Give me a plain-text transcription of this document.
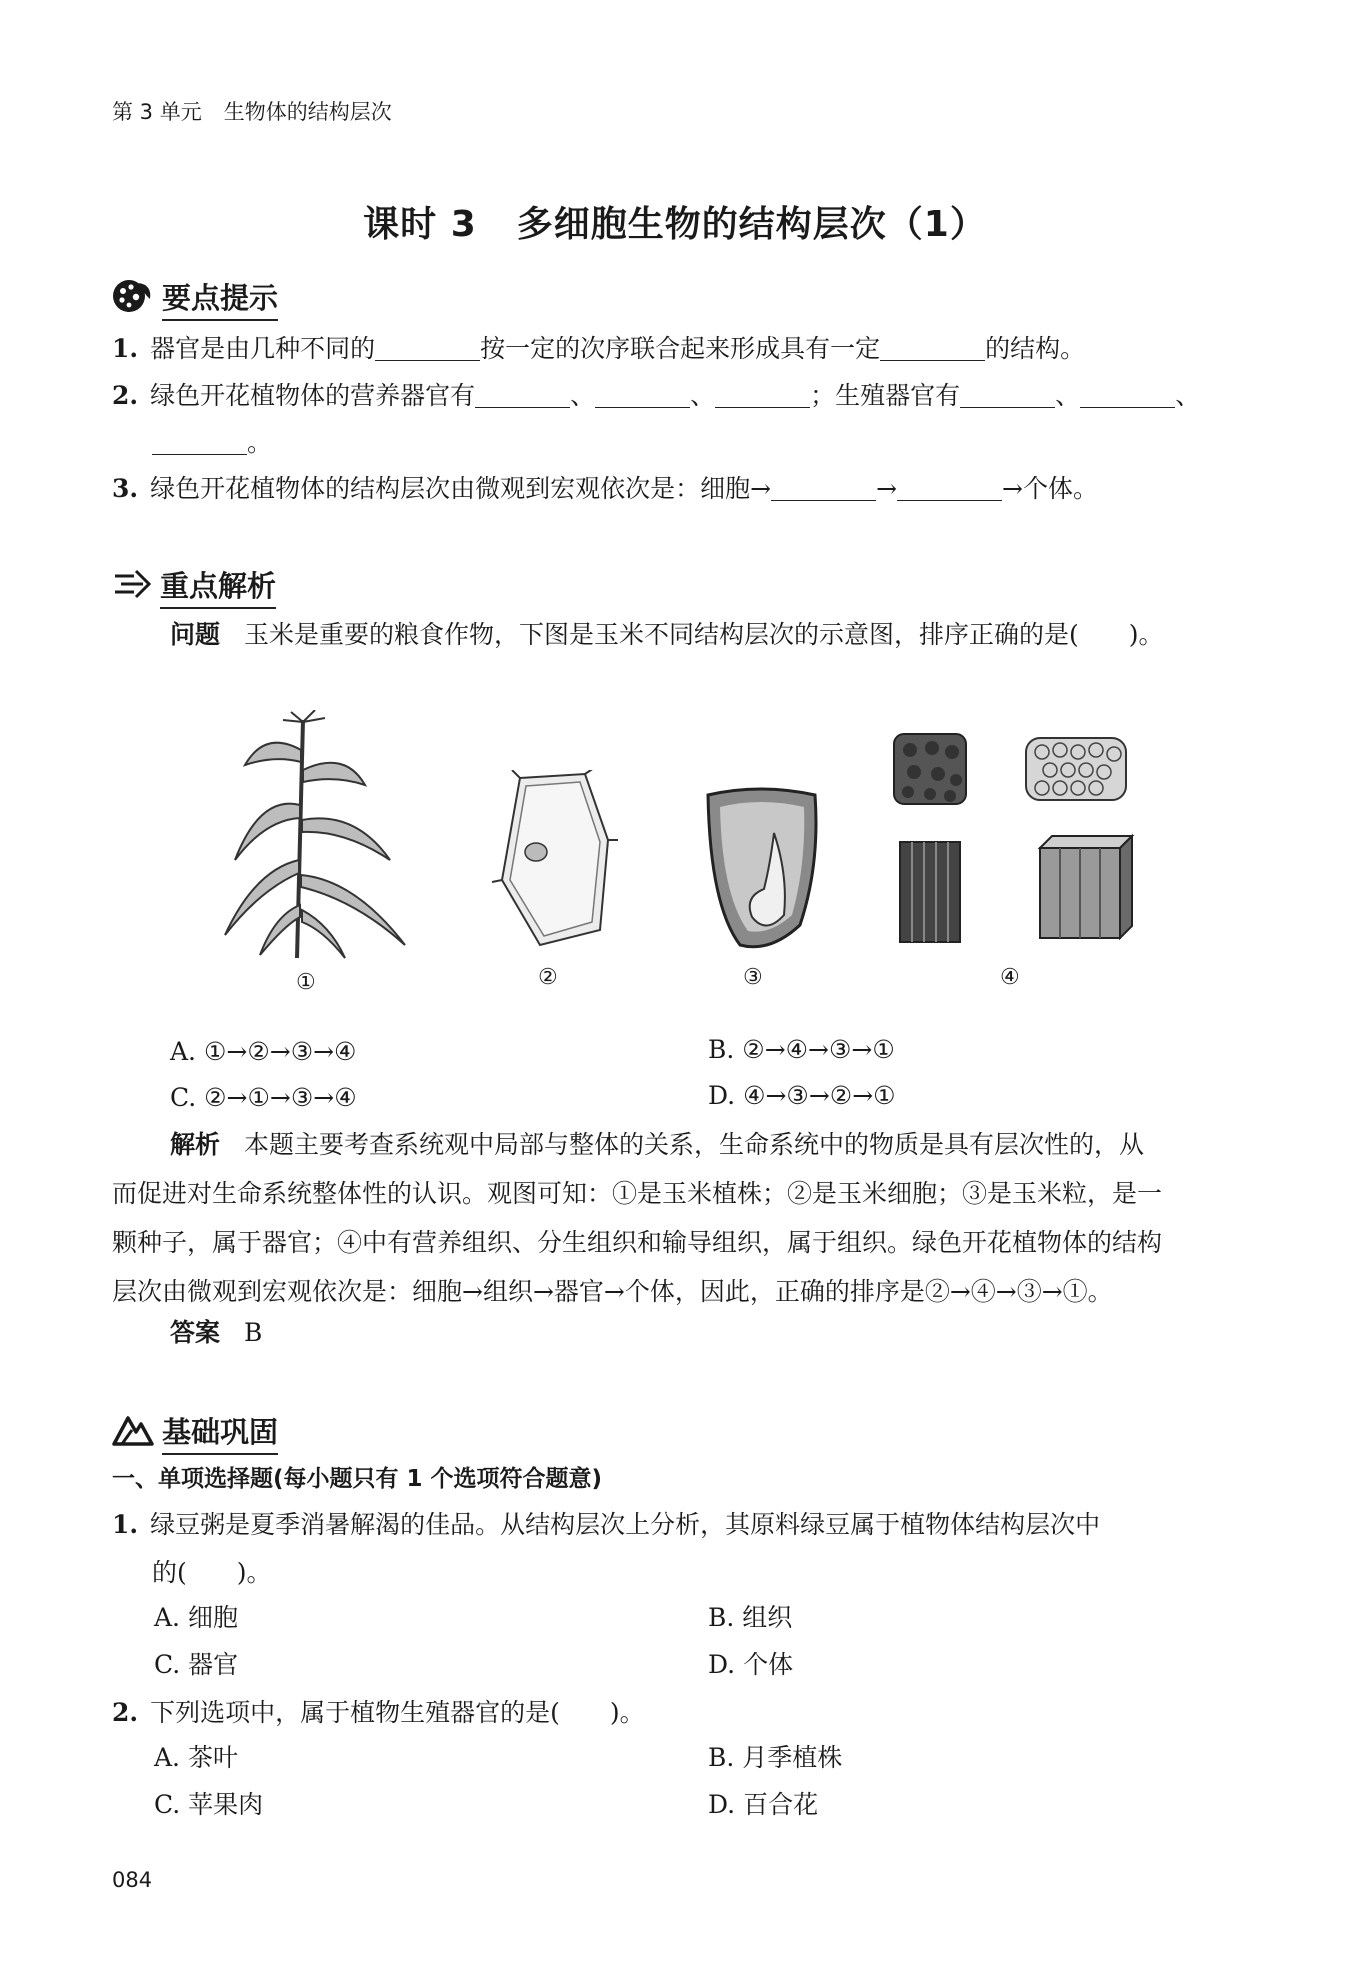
第 3 单元 生物体的结构层次
课时 3 多细胞生物的结构层次（1）
要点提示
1. 器官是由几种不同的	按一定的次序联合起来形成具有一定	的结构。
2. 绿色开花植物体的营养器官有	、	、	；生殖器官有	、	、
。
3. 绿色开花植物体的结构层次由微观到宏观依次是：细胞→	→	→个体。
重点解析
问题 玉米是重要的粮食作物，下图是玉米不同结构层次的示意图，排序正确的是(　　)。
①	②	③	④
A. ①→②→③→④	B. ②→④→③→①
C. ②→①→③→④	D. ④→③→②→①
解析 本题主要考查系统观中局部与整体的关系，生命系统中的物质是具有层次性的，从
而促进对生命系统整体性的认识。观图可知：①是玉米植株；②是玉米细胞；③是玉米粒，是一
颗种子，属于器官；④中有营养组织、分生组织和输导组织，属于组织。绿色开花植物体的结构
层次由微观到宏观依次是：细胞→组织→器官→个体，因此，正确的排序是②→④→③→①。
答案 B
基础巩固
一、单项选择题(每小题只有 1 个选项符合题意)
1. 绿豆粥是夏季消暑解渴的佳品。从结构层次上分析，其原料绿豆属于植物体结构层次中
的(　　)。
A. 细胞	B. 组织
C. 器官	D. 个体
2. 下列选项中，属于植物生殖器官的是(　　)。
A. 茶叶	B. 月季植株
C. 苹果肉	D. 百合花
084
